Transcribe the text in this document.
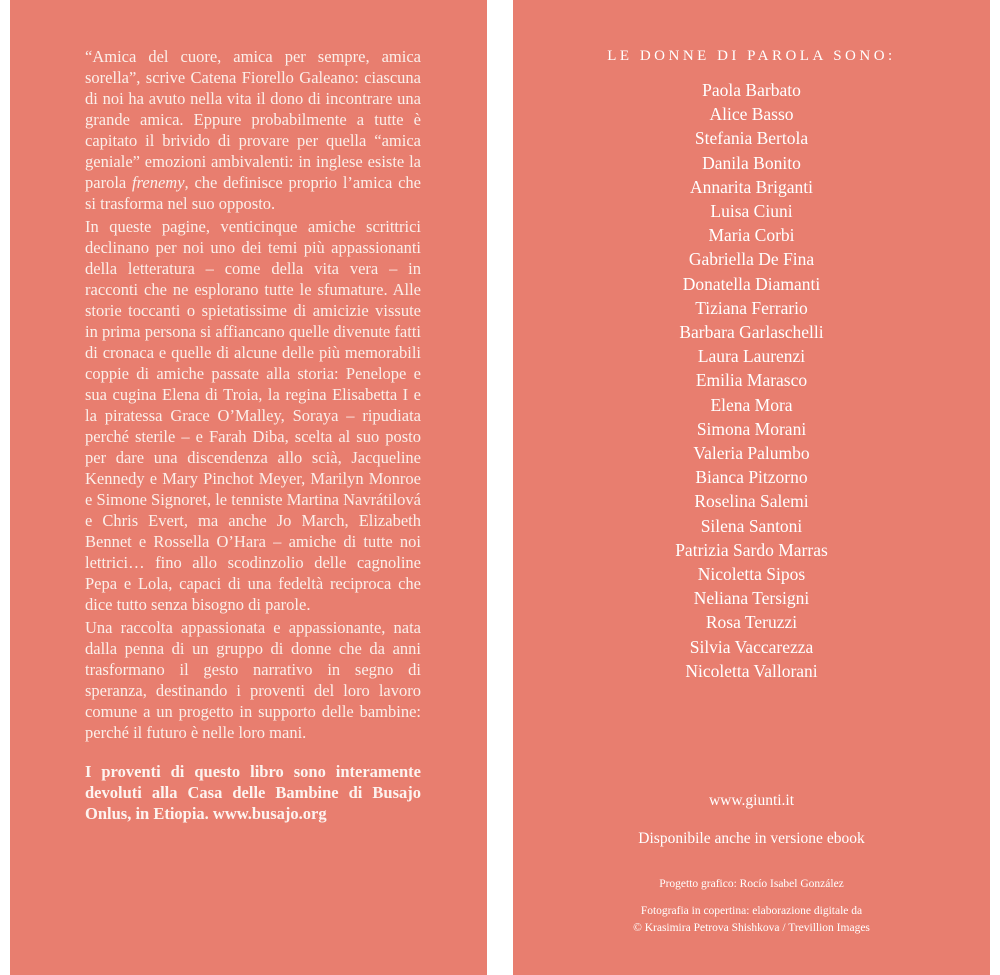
“Amica del cuore, amica per sempre, amica sorella”, scrive Catena Fiorello Galeano: ciascuna di noi ha avuto nella vita il dono di incontrare una grande amica. Eppure probabilmente a tutte è capitato il brivido di provare per quella “amica geniale” emozioni ambivalenti: in inglese esiste la parola frenemy, che definisce proprio l’amica che si trasforma nel suo opposto.

In queste pagine, venticinque amiche scrittrici declinano per noi uno dei temi più appassionanti della letteratura – come della vita vera – in racconti che ne esplorano tutte le sfumature. Alle storie toccanti o spietatissime di amicizie vissute in prima persona si affiancano quelle divenute fatti di cronaca e quelle di alcune delle più memorabili coppie di amiche passate alla storia: Penelope e sua cugina Elena di Troia, la regina Elisabetta I e la piratessa Grace O’Malley, Soraya – ripudiata perché sterile – e Farah Diba, scelta al suo posto per dare una discendenza allo scià, Jacqueline Kennedy e Mary Pinchot Meyer, Marilyn Monroe e Simone Signoret, le tenniste Martina Navrátilová e Chris Evert, ma anche Jo March, Elizabeth Bennet e Rossella O’Hara – amiche di tutte noi lettrici… fino allo scodinzolio delle cagnoline Pepa e Lola, capaci di una fedeltà reciproca che dice tutto senza bisogno di parole.

Una raccolta appassionata e appassionante, nata dalla penna di un gruppo di donne che da anni trasformano il gesto narrativo in segno di speranza, destinando i proventi del loro lavoro comune a un progetto in supporto delle bambine: perché il futuro è nelle loro mani.

I proventi di questo libro sono interamente devoluti alla Casa delle Bambine di Busajo Onlus, in Etiopia. www.busajo.org

LE DONNE DI PAROLA SONO:
Paola Barbato
Alice Basso
Stefania Bertola
Danila Bonito
Annarita Briganti
Luisa Ciuni
Maria Corbi
Gabriella De Fina
Donatella Diamanti
Tiziana Ferrario
Barbara Garlaschelli
Laura Laurenzi
Emilia Marasco
Elena Mora
Simona Morani
Valeria Palumbo
Bianca Pitzorno
Roselina Salemi
Silena Santoni
Patrizia Sardo Marras
Nicoletta Sipos
Neliana Tersigni
Rosa Teruzzi
Silvia Vaccarezza
Nicoletta Vallorani

www.giunti.it

Disponibile anche in versione ebook

Progetto grafico: Rocío Isabel González

Fotografia in copertina: elaborazione digitale da
© Krasimira Petrova Shishkova / Trevillion Images
